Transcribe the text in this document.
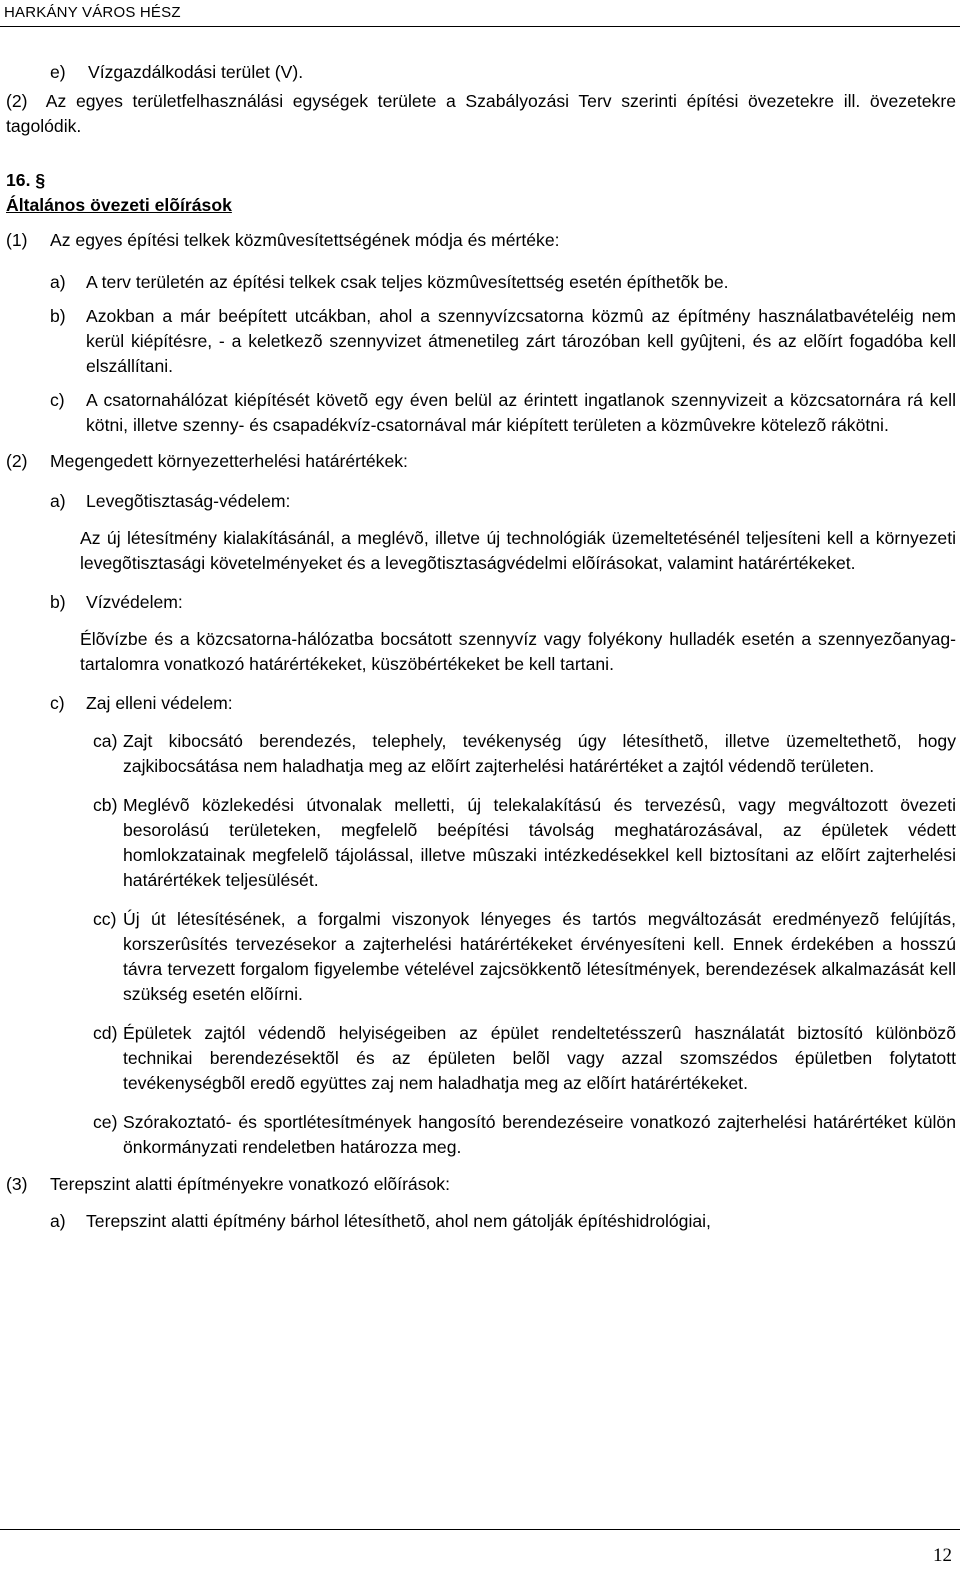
HARKÁNY VÁROS HÉSZ
e)	Vízgazdálkodási terület (V).
(2) Az egyes területfelhasználási egységek területe a Szabályozási Terv szerinti építési övezetekre ill. övezetekre tagolódik.
16. §
Általános övezeti elõírások
(1)	Az egyes építési telkek közmûvesítettségének módja és mértéke:
a)	A terv területén az építési telkek csak teljes közmûvesítettség esetén építhetõk be.
b)	Azokban a már beépített utcákban, ahol a szennyvízcsatorna közmû az építmény használatbavételéig nem kerül kiépítésre, - a keletkezõ szennyvizet átmenetileg zárt tározóban kell gyûjteni, és az elõírt fogadóba kell elszállítani.
c)	A csatornahálózat kiépítését követõ egy éven belül az érintett ingatlanok szennyvizeit a közcsatornára rá kell kötni, illetve szenny- és csapadékvíz-csatornával már kiépített területen a közmûvekre kötelezõ rákötni.
(2)	Megengedett környezetterhelési határértékek:
a)	Levegõtisztaság-védelem:
Az új létesítmény kialakításánál, a meglévõ, illetve új technológiák üzemeltetésénél teljesíteni kell a környezeti levegõtisztasági követelményeket és a levegõtisztaságvédelmi elõírásokat, valamint határértékeket.
b)	Vízvédelem:
Élõvízbe és a közcsatorna-hálózatba bocsátott szennyvíz vagy folyékony hulladék esetén a szennyezõanyag-tartalomra vonatkozó határértékeket, küszöbértékeket be kell tartani.
c)	Zaj elleni védelem:
ca) Zajt kibocsátó berendezés, telephely, tevékenység úgy létesíthetõ, illetve üzemeltethetõ, hogy zajkibocsátása nem haladhatja meg az elõírt zajterhelési határértéket a zajtól védendõ területen.
cb) Meglévõ közlekedési útvonalak melletti, új telekalakítású és tervezésû, vagy megváltozott övezeti besorolású területeken, megfelelõ beépítési távolság meghatározásával, az épületek védett homlokzatainak megfelelõ tájolással, illetve mûszaki intézkedésekkel kell biztosítani az elõírt zajterhelési határértékek teljesülését.
cc) Új út létesítésének, a forgalmi viszonyok lényeges és tartós megváltozását eredményezõ felújítás, korszerûsítés tervezésekor a zajterhelési határértékeket érvényesíteni kell. Ennek érdekében a hosszú távra tervezett forgalom figyelembe vételével zajcsökkentõ létesítmények, berendezések alkalmazását kell szükség esetén elõírni.
cd) Épületek zajtól védendõ helyiségeiben az épület rendeltetésszerû használatát biztosító különbözõ technikai berendezésektõl és az épületen belõl vagy azzal szomszédos épületben folytatott tevékenységbõl eredõ együttes zaj nem haladhatja meg az elõírt határértékeket.
ce) Szórakoztató- és sportlétesítmények hangosító berendezéseire vonatkozó zajterhelési határértéket külön önkormányzati rendeletben határozza meg.
(3)	Terepszint alatti építményekre vonatkozó elõírások:
a)	Terepszint alatti építmény bárhol létesíthetõ, ahol nem gátolják építéshidrológiai,
12
